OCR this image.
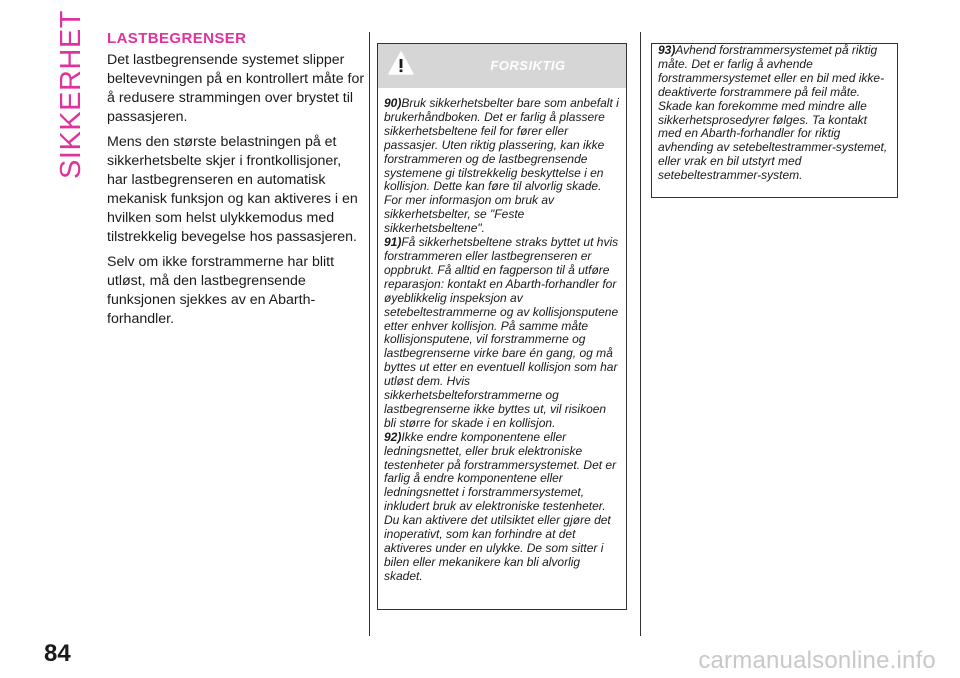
SIKKERHET LASTBEGRENSER

Det lastbegrensende systemet slipper beltevevningen på en kontrollert måte for å redusere strammingen over brystet til passasjeren.

Mens den største belastningen på et sikkerhetsbelte skjer i frontkollisjoner, har lastbegrenseren en automatisk mekanisk funksjon og kan aktiveres i en hvilken som helst ulykkemodus med tilstrekkelig bevegelse hos passasjeren.

Selv om ikke forstrammerne har blitt utløst, må den lastbegrensende funksjonen sjekkes av en Abarth-forhandler.

FORSIKTIG

90)Bruk sikkerhetsbelter bare som anbefalt i brukerhåndboken. Det er farlig å plassere sikkerhetsbeltene feil for fører eller passasjer. Uten riktig plassering, kan ikke forstrammeren og de lastbegrensende systemene gi tilstrekkelig beskyttelse i en kollisjon. Dette kan føre til alvorlig skade. For mer informasjon om bruk av sikkerhetsbelter, se "Feste sikkerhetsbeltene".

91)Få sikkerhetsbeltene straks byttet ut hvis forstrammeren eller lastbegrenseren er oppbrukt. Få alltid en fagperson til å utføre reparasjon: kontakt en Abarth-forhandler for øyeblikkelig inspeksjon av setebeltestrammerne og av kollisjonsputene etter enhver kollisjon. På samme måte kollisjonsputene, vil forstrammerne og lastbegrenserne virke bare én gang, og må byttes ut etter en eventuell kollisjon som har utløst dem. Hvis sikkerhetsbelteforstrammerne og lastbegrenserne ikke byttes ut, vil risikoen bli større for skade i en kollisjon.

92)Ikke endre komponentene eller ledningsnettet, eller bruk elektroniske testenheter på forstrammersystemet. Det er farlig å endre komponentene eller ledningsnettet i forstrammersystemet, inkludert bruk av elektroniske testenheter. Du kan aktivere det utilsiktet eller gjøre det inoperativt, som kan forhindre at det aktiveres under en ulykke. De som sitter i bilen eller mekanikere kan bli alvorlig skadet.

93)Avhend forstrammersystemet på riktig måte. Det er farlig å avhende forstrammersystemet eller en bil med ikke-deaktiverte forstrammere på feil måte. Skade kan forekomme med mindre alle sikkerhetsprosedyrer følges. Ta kontakt med en Abarth-forhandler for riktig avhending av setebeltestrammer-systemet, eller vrak en bil utstyrt med setebeltestrammer-system.

84	carmanualsonline.info
